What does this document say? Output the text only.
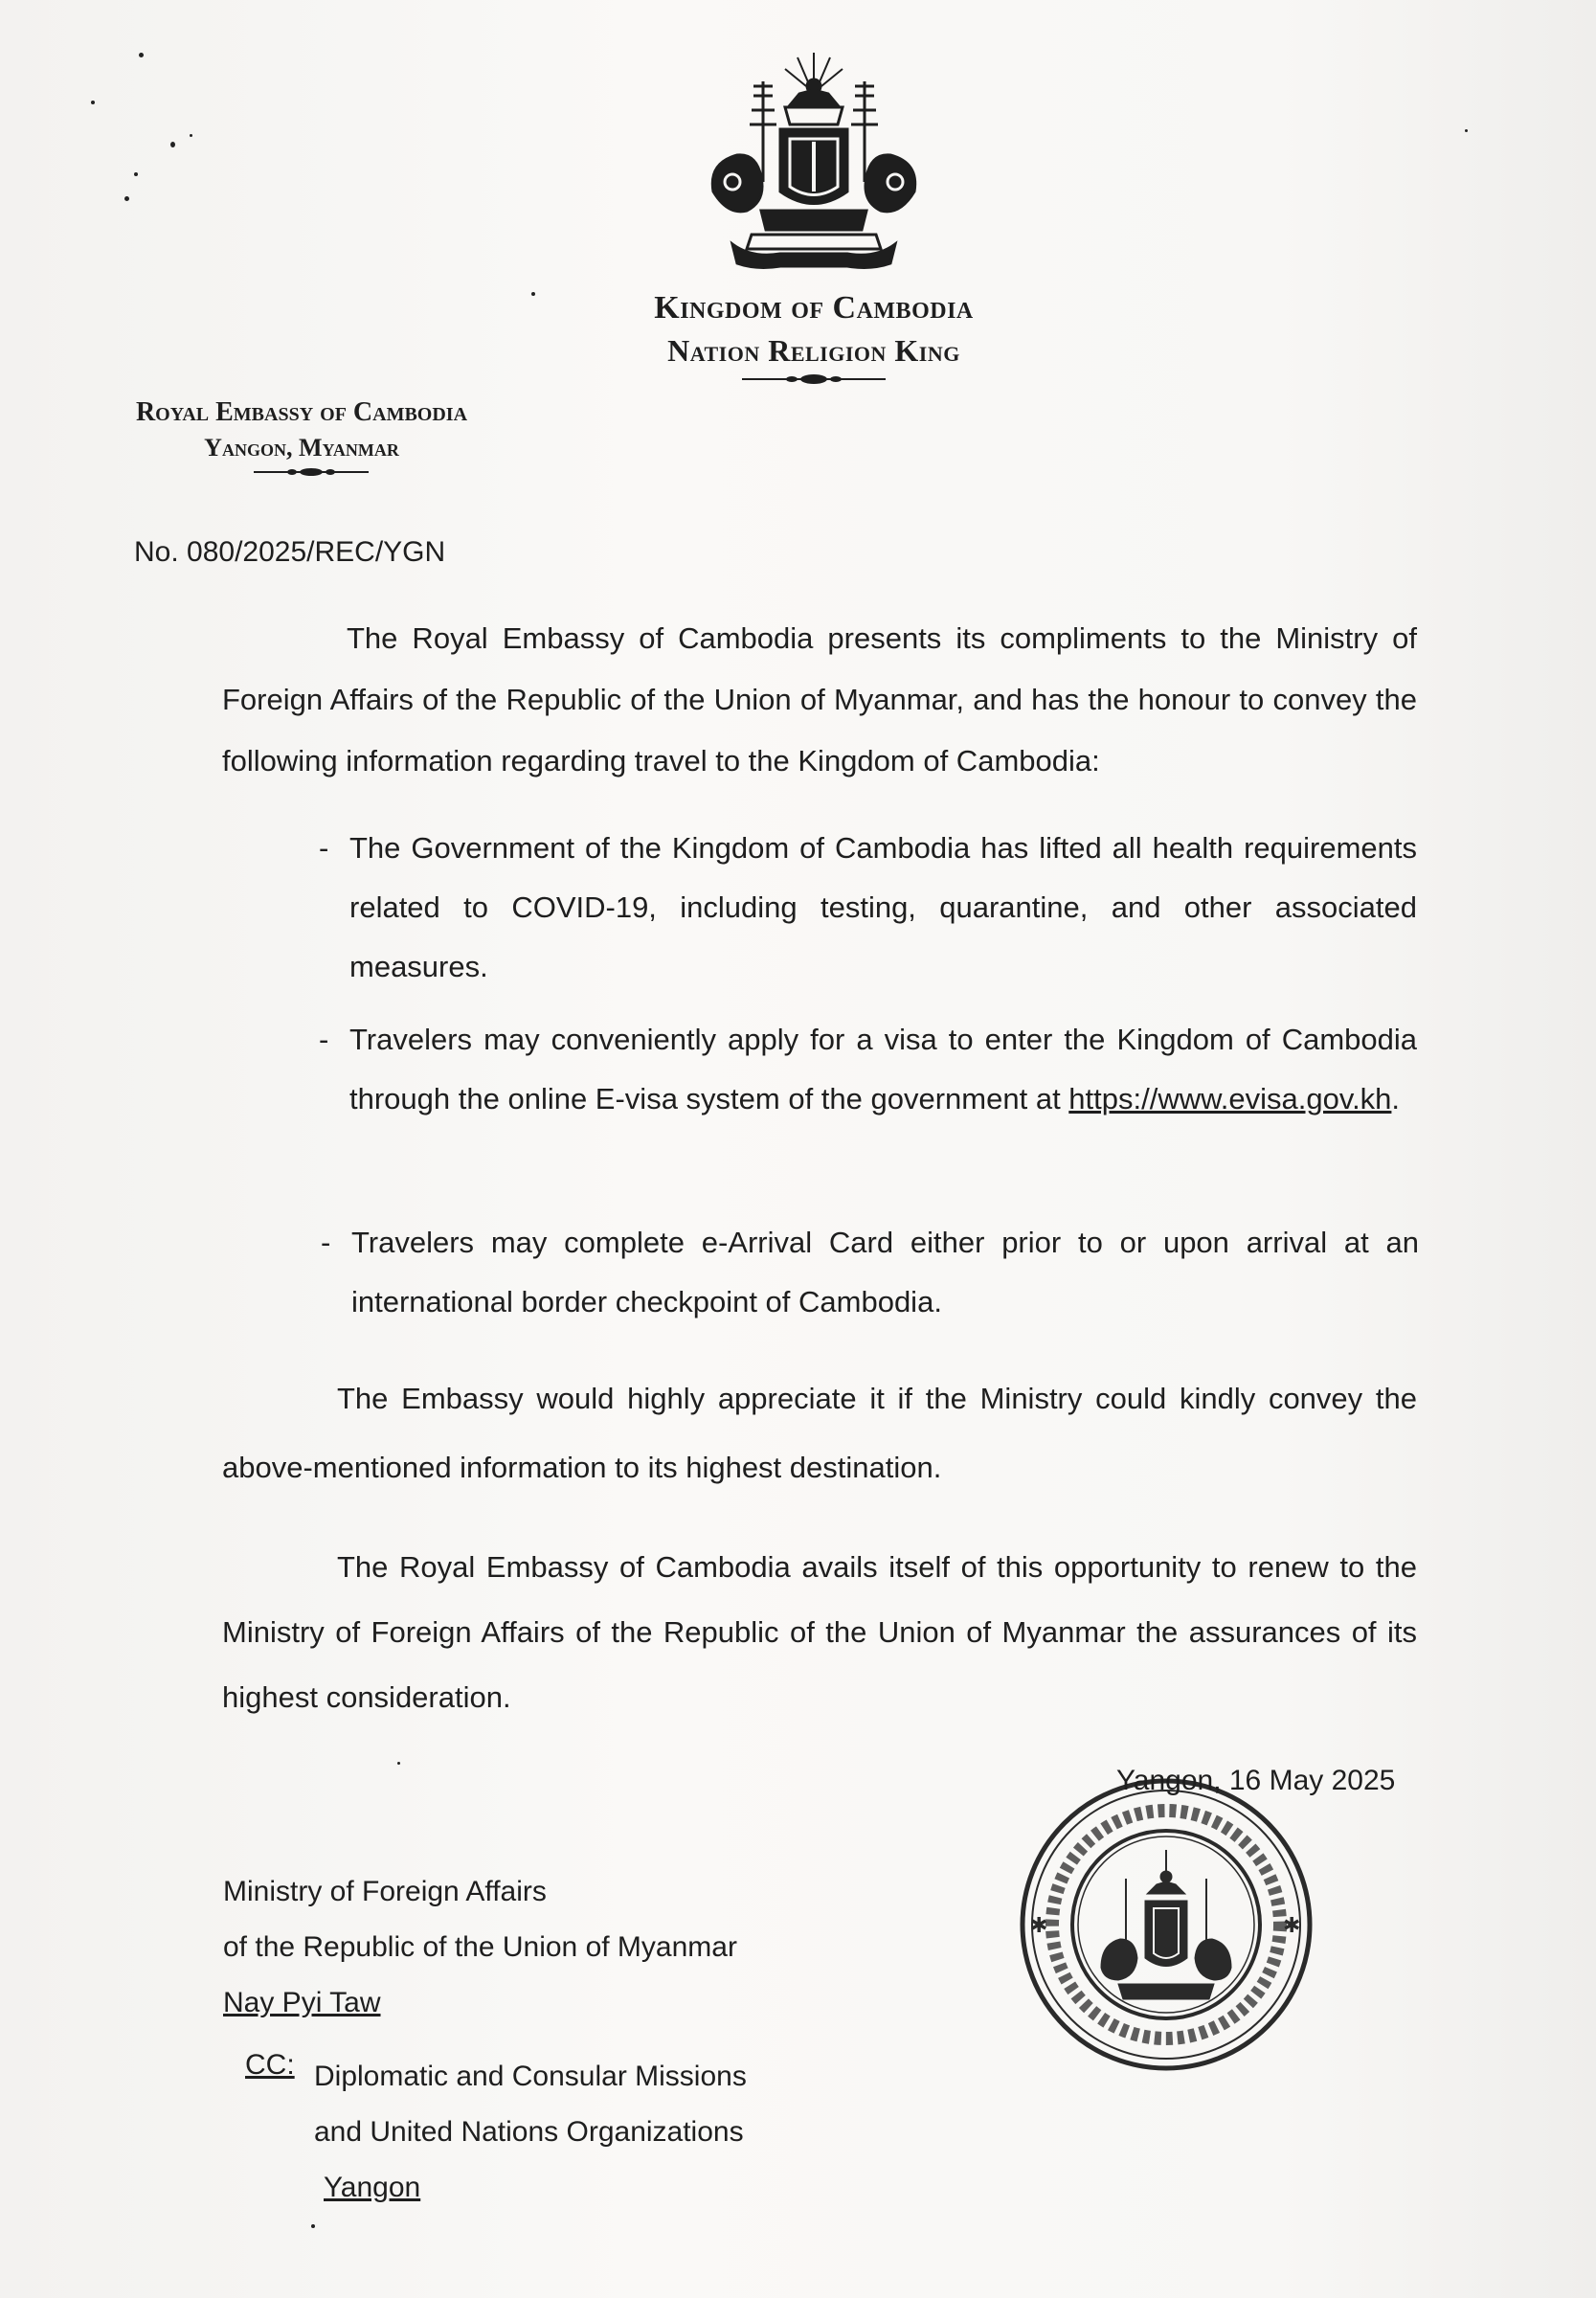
Kingdom of Cambodia
Nation Religion King
Royal Embassy of Cambodia
Yangon, Myanmar
No. 080/2025/REC/YGN
The Royal Embassy of Cambodia presents its compliments to the Ministry of Foreign Affairs of the Republic of the Union of Myanmar, and has the honour to convey the following information regarding travel to the Kingdom of Cambodia:
- The Government of the Kingdom of Cambodia has lifted all health requirements related to COVID-19, including testing, quarantine, and other associated measures.
- Travelers may conveniently apply for a visa to enter the Kingdom of Cambodia through the online E-visa system of the government at https://www.evisa.gov.kh.
- Travelers may complete e-Arrival Card either prior to or upon arrival at an international border checkpoint of Cambodia.
The Embassy would highly appreciate it if the Ministry could kindly convey the above-mentioned information to its highest destination.
The Royal Embassy of Cambodia avails itself of this opportunity to renew to the Ministry of Foreign Affairs of the Republic of the Union of Myanmar the assurances of its highest consideration.
✱	✱
Yangon, 16 May 2025
Ministry of Foreign Affairs
of the Republic of the Union of Myanmar
Nay Pyi Taw
CC: Diplomatic and Consular Missions
and United Nations Organizations
Yangon
